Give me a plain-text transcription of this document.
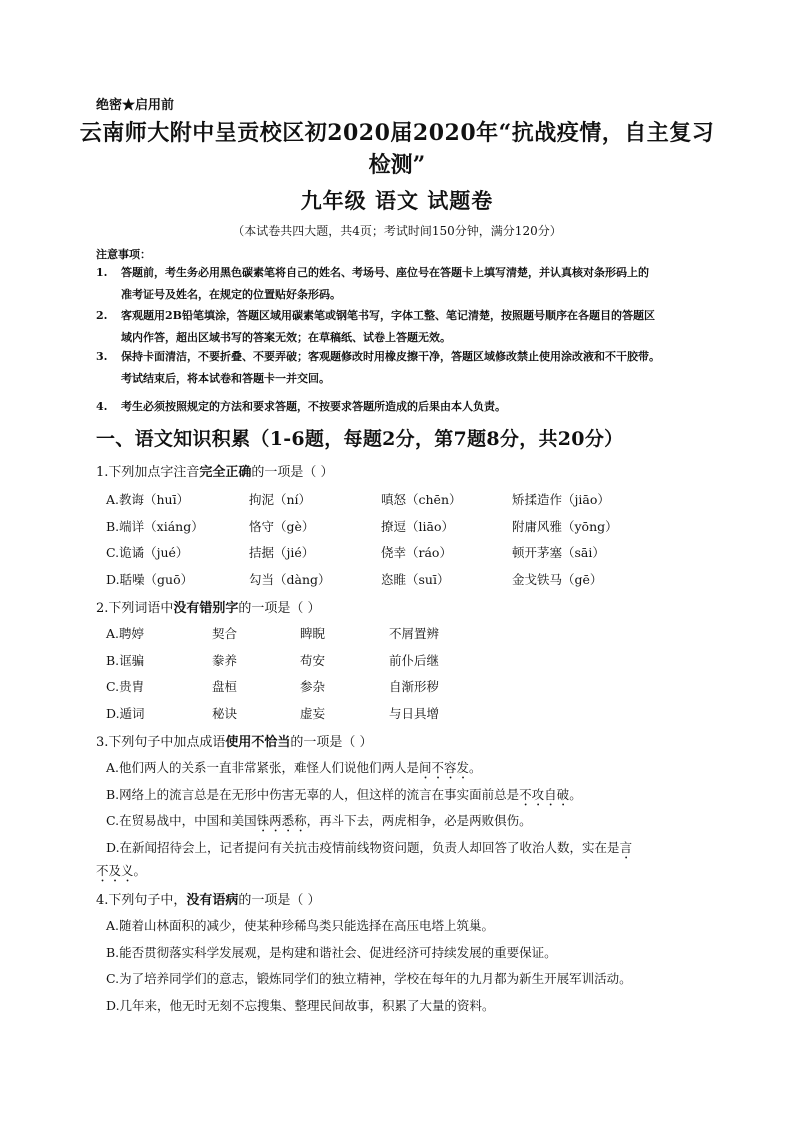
绝密★启用前
云南师大附中呈贡校区初2020届2020年“抗战疫情，自主复习
检测”
九年级 语文 试题卷
（本试卷共四大题，共4页；考试时间150分钟，满分120分）
注意事项：
1. 答题前，考生务必用黑色碳素笔将自己的姓名、考场号、座位号在答题卡上填写清楚，并认真核对条形码上的
准考证号及姓名，在规定的位置贴好条形码。
2. 客观题用2B铅笔填涂，答题区域用碳素笔或钢笔书写，字体工整、笔记清楚，按照题号顺序在各题目的答题区
域内作答，超出区域书写的答案无效；在草稿纸、试卷上答题无效。
3. 保持卡面清洁，不要折叠、不要弄破；客观题修改时用橡皮擦干净，答题区域修改禁止使用涂改液和不干胶带。
考试结束后，将本试卷和答题卡一并交回。
4. 考生必须按照规定的方法和要求答题，不按要求答题所造成的后果由本人负责。
一、语文知识积累（1-6题，每题2分，第7题8分，共20分）
1.下列加点字注音完全正确的一项是（ ）
A.教诲（huī）	拘泥（ní）	嗔怒（chēn）	矫揉造作（jiāo）
B.端详（xiáng）	恪守（gè）	撩逗（liāo）	附庸风雅（yōng）
C.诡谲（jué）	拮据（jié）	侥幸（ráo）	顿开茅塞（sāi）
D.聒噪（guō）	勾当（dàng）	恣睢（suī）	金戈铁马（gē）
2.下列词语中没有错别字的一项是（ ）
A.聘婷	契合	睥睨	不屑置辨
B.诓骗	豢养	苟安	前仆后继
C.贵胄	盘桓	参杂	自渐形秽
D.遁词	秘诀	虚妄	与日具增
3.下列句子中加点成语使用不恰当的一项是（ ）
A.他们两人的关系一直非常紧张，难怪人们说他们两人是间不容发。
B.网络上的流言总是在无形中伤害无辜的人，但这样的流言在事实面前总是不攻自破。
C.在贸易战中，中国和美国铢两悉称，再斗下去，两虎相争，必是两败俱伤。
D.在新闻招待会上，记者提问有关抗击疫情前线物资问题，负责人却回答了收治人数，实在是言
不及义。
4.下列句子中，没有语病的一项是（ ）
A.随着山林面积的减少，使某种珍稀鸟类只能选择在高压电塔上筑巢。
B.能否贯彻落实科学发展观，是构建和谐社会、促进经济可持续发展的重要保证。
C.为了培养同学们的意志，锻炼同学们的独立精神，学校在每年的九月都为新生开展军训活动。
D.几年来，他无时无刻不忘搜集、整理民间故事，积累了大量的资料。
